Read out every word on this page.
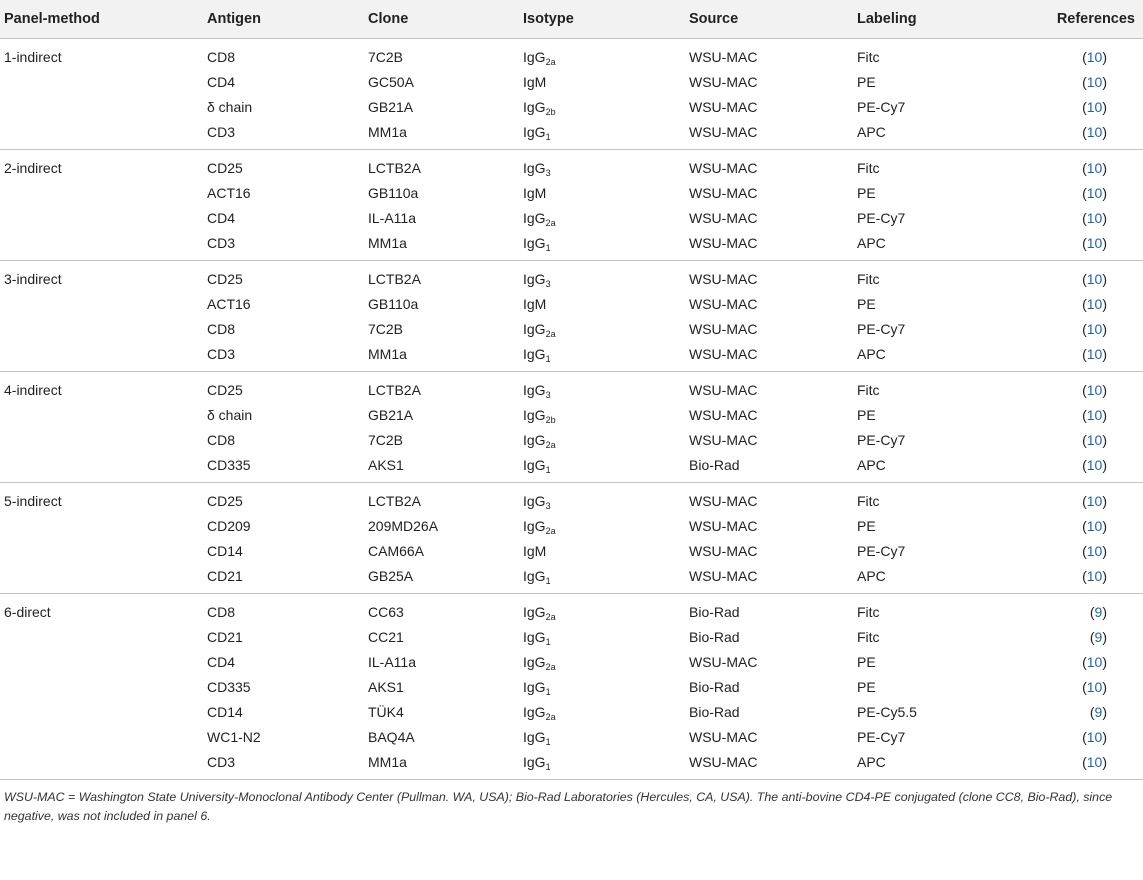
Panel-method	Antigen	Clone	Isotype	Source	Labeling	References
1-indirect	CD8	7C2B	IgG$_{2a}$	WSU-MAC	Fitc	(10)
	CD4	GC50A	IgM	WSU-MAC	PE	(10)
	δ chain	GB21A	IgG$_{2b}$	WSU-MAC	PE-Cy7	(10)
	CD3	MM1a	IgG$_1$	WSU-MAC	APC	(10)
2-indirect	CD25	LCTB2A	IgG$_3$	WSU-MAC	Fitc	(10)
	ACT16	GB110a	IgM	WSU-MAC	PE	(10)
	CD4	IL-A11a	IgG$_{2a}$	WSU-MAC	PE-Cy7	(10)
	CD3	MM1a	IgG$_1$	WSU-MAC	APC	(10)
3-indirect	CD25	LCTB2A	IgG$_3$	WSU-MAC	Fitc	(10)
	ACT16	GB110a	IgM	WSU-MAC	PE	(10)
	CD8	7C2B	IgG$_{2a}$	WSU-MAC	PE-Cy7	(10)
	CD3	MM1a	IgG$_1$	WSU-MAC	APC	(10)
4-indirect	CD25	LCTB2A	IgG$_3$	WSU-MAC	Fitc	(10)
	δ chain	GB21A	IgG$_{2b}$	WSU-MAC	PE	(10)
	CD8	7C2B	IgG$_{2a}$	WSU-MAC	PE-Cy7	(10)
	CD335	AKS1	IgG$_1$	Bio-Rad	APC	(10)
5-indirect	CD25	LCTB2A	IgG$_3$	WSU-MAC	Fitc	(10)
	CD209	209MD26A	IgG$_{2a}$	WSU-MAC	PE	(10)
	CD14	CAM66A	IgM	WSU-MAC	PE-Cy7	(10)
	CD21	GB25A	IgG$_1$	WSU-MAC	APC	(10)
6-direct	CD8	CC63	IgG$_{2a}$	Bio-Rad	Fitc	(9)
	CD21	CC21	IgG$_1$	Bio-Rad	Fitc	(9)
	CD4	IL-A11a	IgG$_{2a}$	WSU-MAC	PE	(10)
	CD335	AKS1	IgG$_1$	Bio-Rad	PE	(10)
	CD14	TÜK4	IgG$_{2a}$	Bio-Rad	PE-Cy5.5	(9)
	WC1-N2	BAQ4A	IgG$_1$	WSU-MAC	PE-Cy7	(10)
	CD3	MM1a	IgG$_1$	WSU-MAC	APC	(10)

WSU-MAC = Washington State University-Monoclonal Antibody Center (Pullman. WA, USA); Bio-Rad Laboratories (Hercules, CA, USA). The anti-bovine CD4-PE conjugated (clone CC8, Bio-Rad), since negative, was not included in panel 6.
